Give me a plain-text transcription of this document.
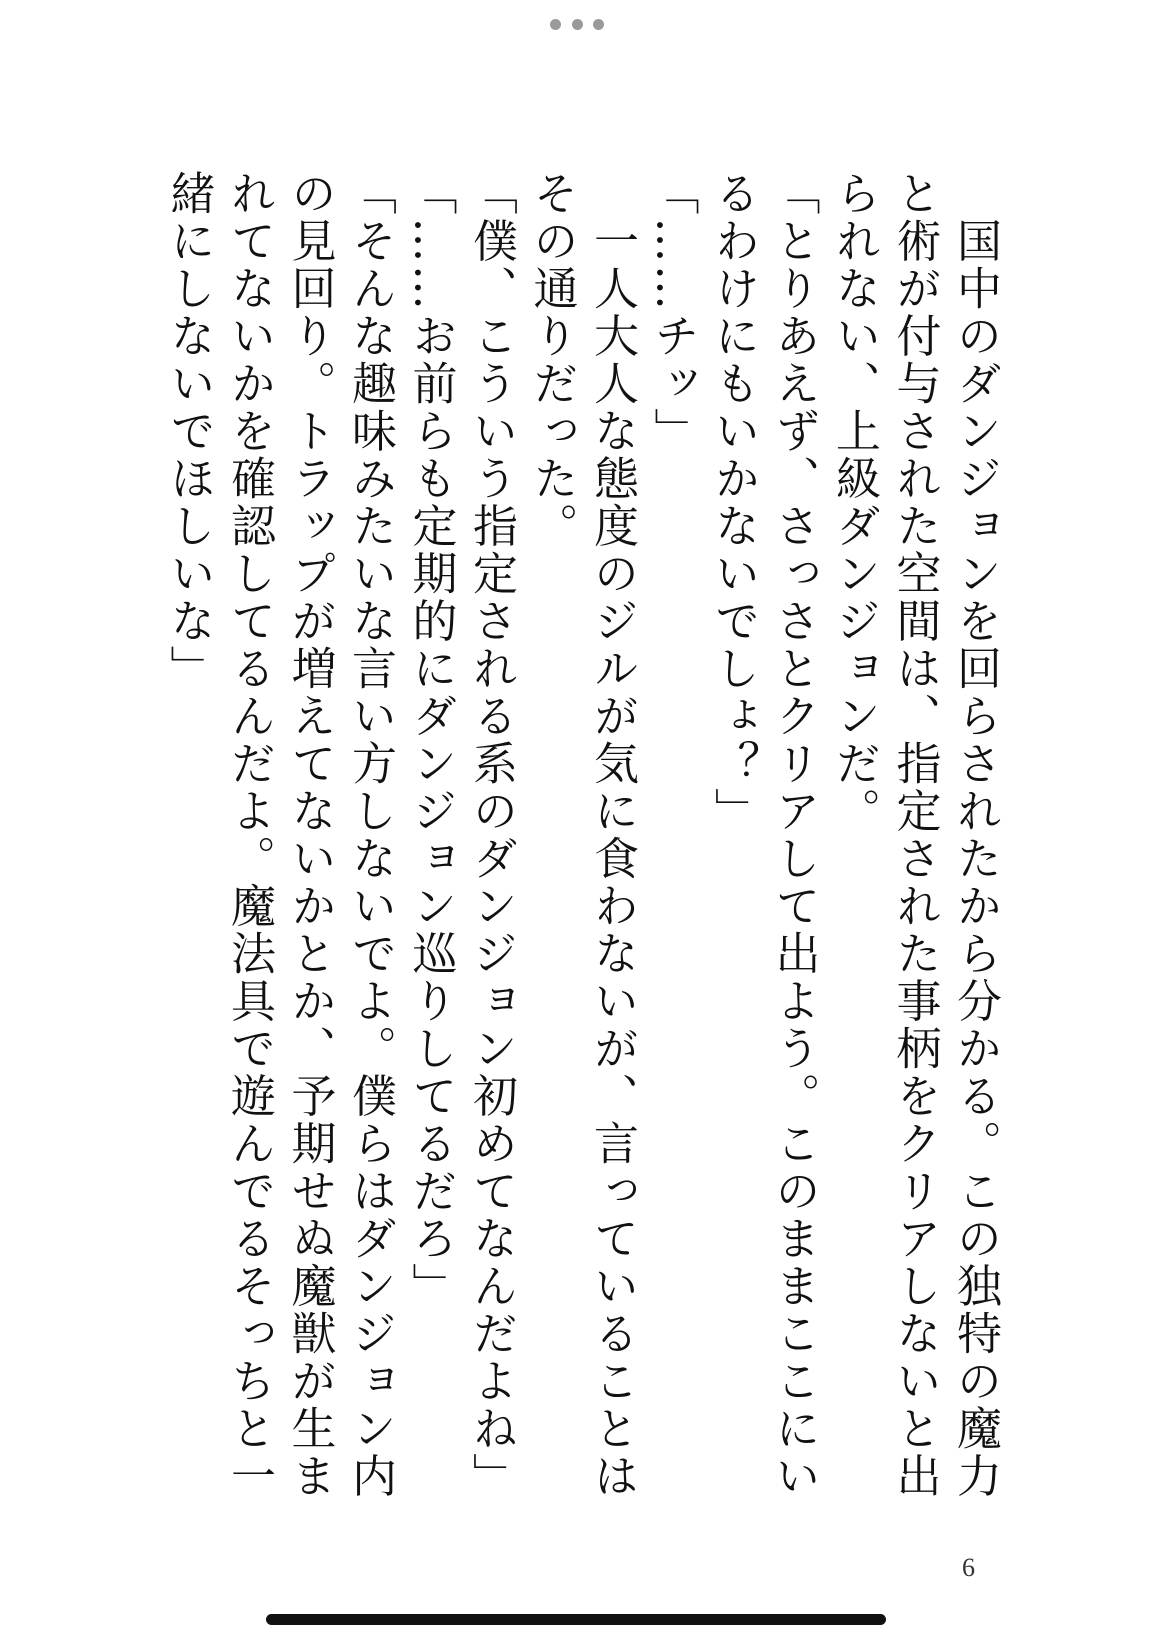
　国中のダンジョンを回らされたから分かる。この独特の魔力と術が付与された空間は、指定された事柄をクリアしないと出られない、上級ダンジョンだ。

「とりあえず、さっさとクリアして出よう。このままここにいるわけにもいかないでしょ？」

「……チッ」

　一人大人な態度のジルが気に食わないが、言っていることはその通りだった。

「僕、こういう指定される系のダンジョン初めてなんだよね」

「……お前らも定期的にダンジョン巡りしてるだろ」

「そんな趣味みたいな言い方しないでよ。僕らはダンジョン内の見回り。トラップが増えてないかとか、予期せぬ魔獣が生まれてないかを確認してるんだよ。魔法具で遊んでるそっちと一緒にしないでほしいな」

6
